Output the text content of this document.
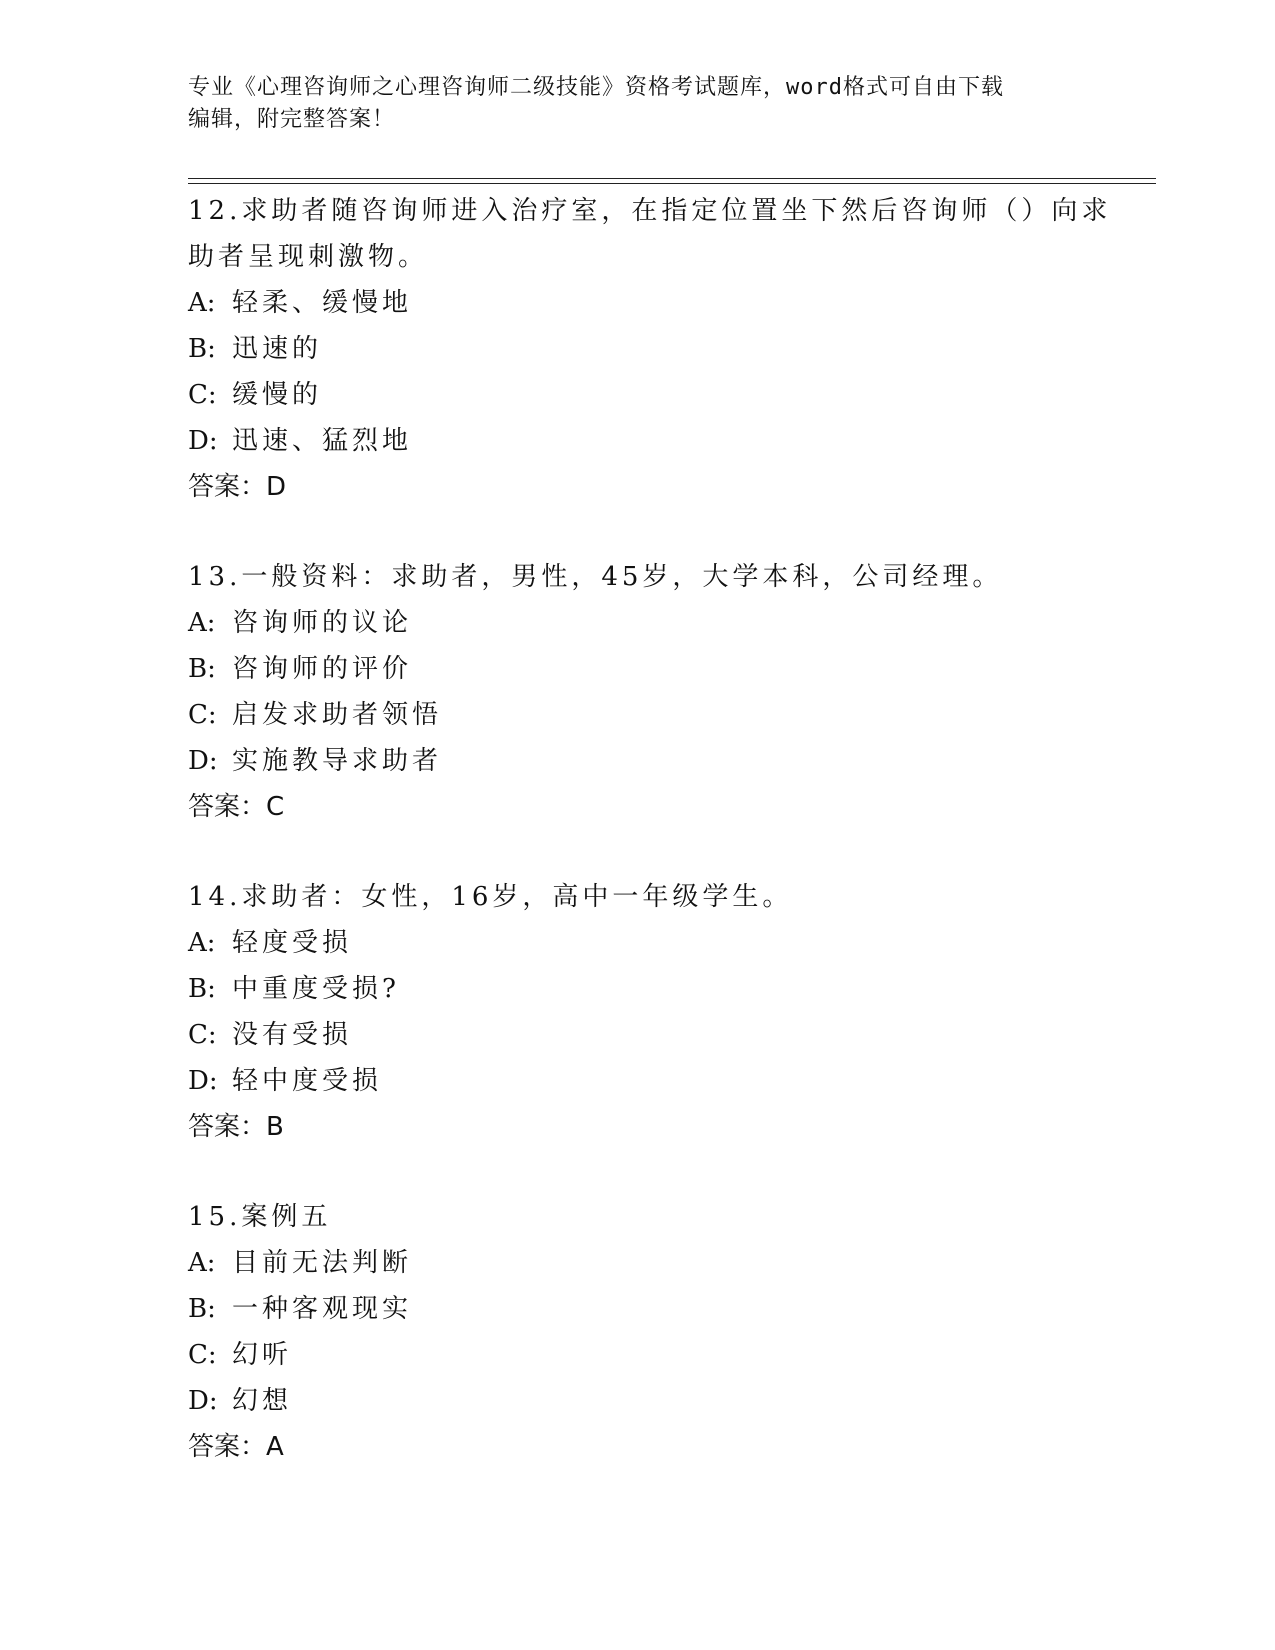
专业《心理咨询师之心理咨询师二级技能》资格考试题库，word格式可自由下载
编辑，附完整答案！
12.求助者随咨询师进入治疗室，在指定位置坐下然后咨询师（）向求
助者呈现刺激物。
A: 轻柔、缓慢地
B: 迅速的
C: 缓慢的
D: 迅速、猛烈地
答案：D
13.一般资料：求助者，男性，45岁，大学本科，公司经理。
A: 咨询师的议论
B: 咨询师的评价
C: 启发求助者领悟
D: 实施教导求助者
答案：C
14.求助者：女性，16岁，高中一年级学生。
A: 轻度受损
B: 中重度受损?
C: 没有受损
D: 轻中度受损
答案：B
15.案例五
A: 目前无法判断
B: 一种客观现实
C: 幻听
D: 幻想
答案：A
